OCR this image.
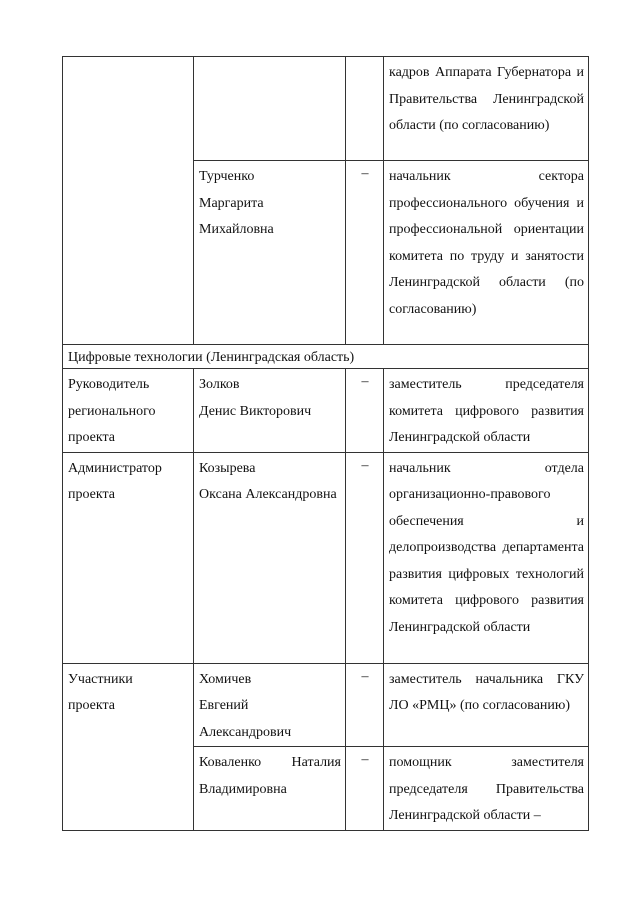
			кадров Аппарата Губернатора и Правительства Ленинградской области (по согласованию)

	Турченко
Маргарита
Михайловна	–	начальник сектора профессионального обучения и профессиональной ориентации комитета по труду и занятости Ленинградской области (по согласованию)

Цифровые технологии (Ленинградская область)			

Руководитель
регионального
проекта	Золков
Денис Викторович	–	заместитель председателя комитета цифрового развития Ленинградской области

Администратор
проекта	Козырева
Оксана Александровна	–	начальник отдела организационно-правового обеспечения и делопроизводства департамента развития цифровых технологий комитета цифрового развития Ленинградской области

Участники
проекта	Хомичев
Евгений
Александрович	–	заместитель начальника ГКУ ЛО «РМЦ» (по согласованию)

	Коваленко Наталия Владимировна	–	помощник заместителя председателя Правительства Ленинградской области –
